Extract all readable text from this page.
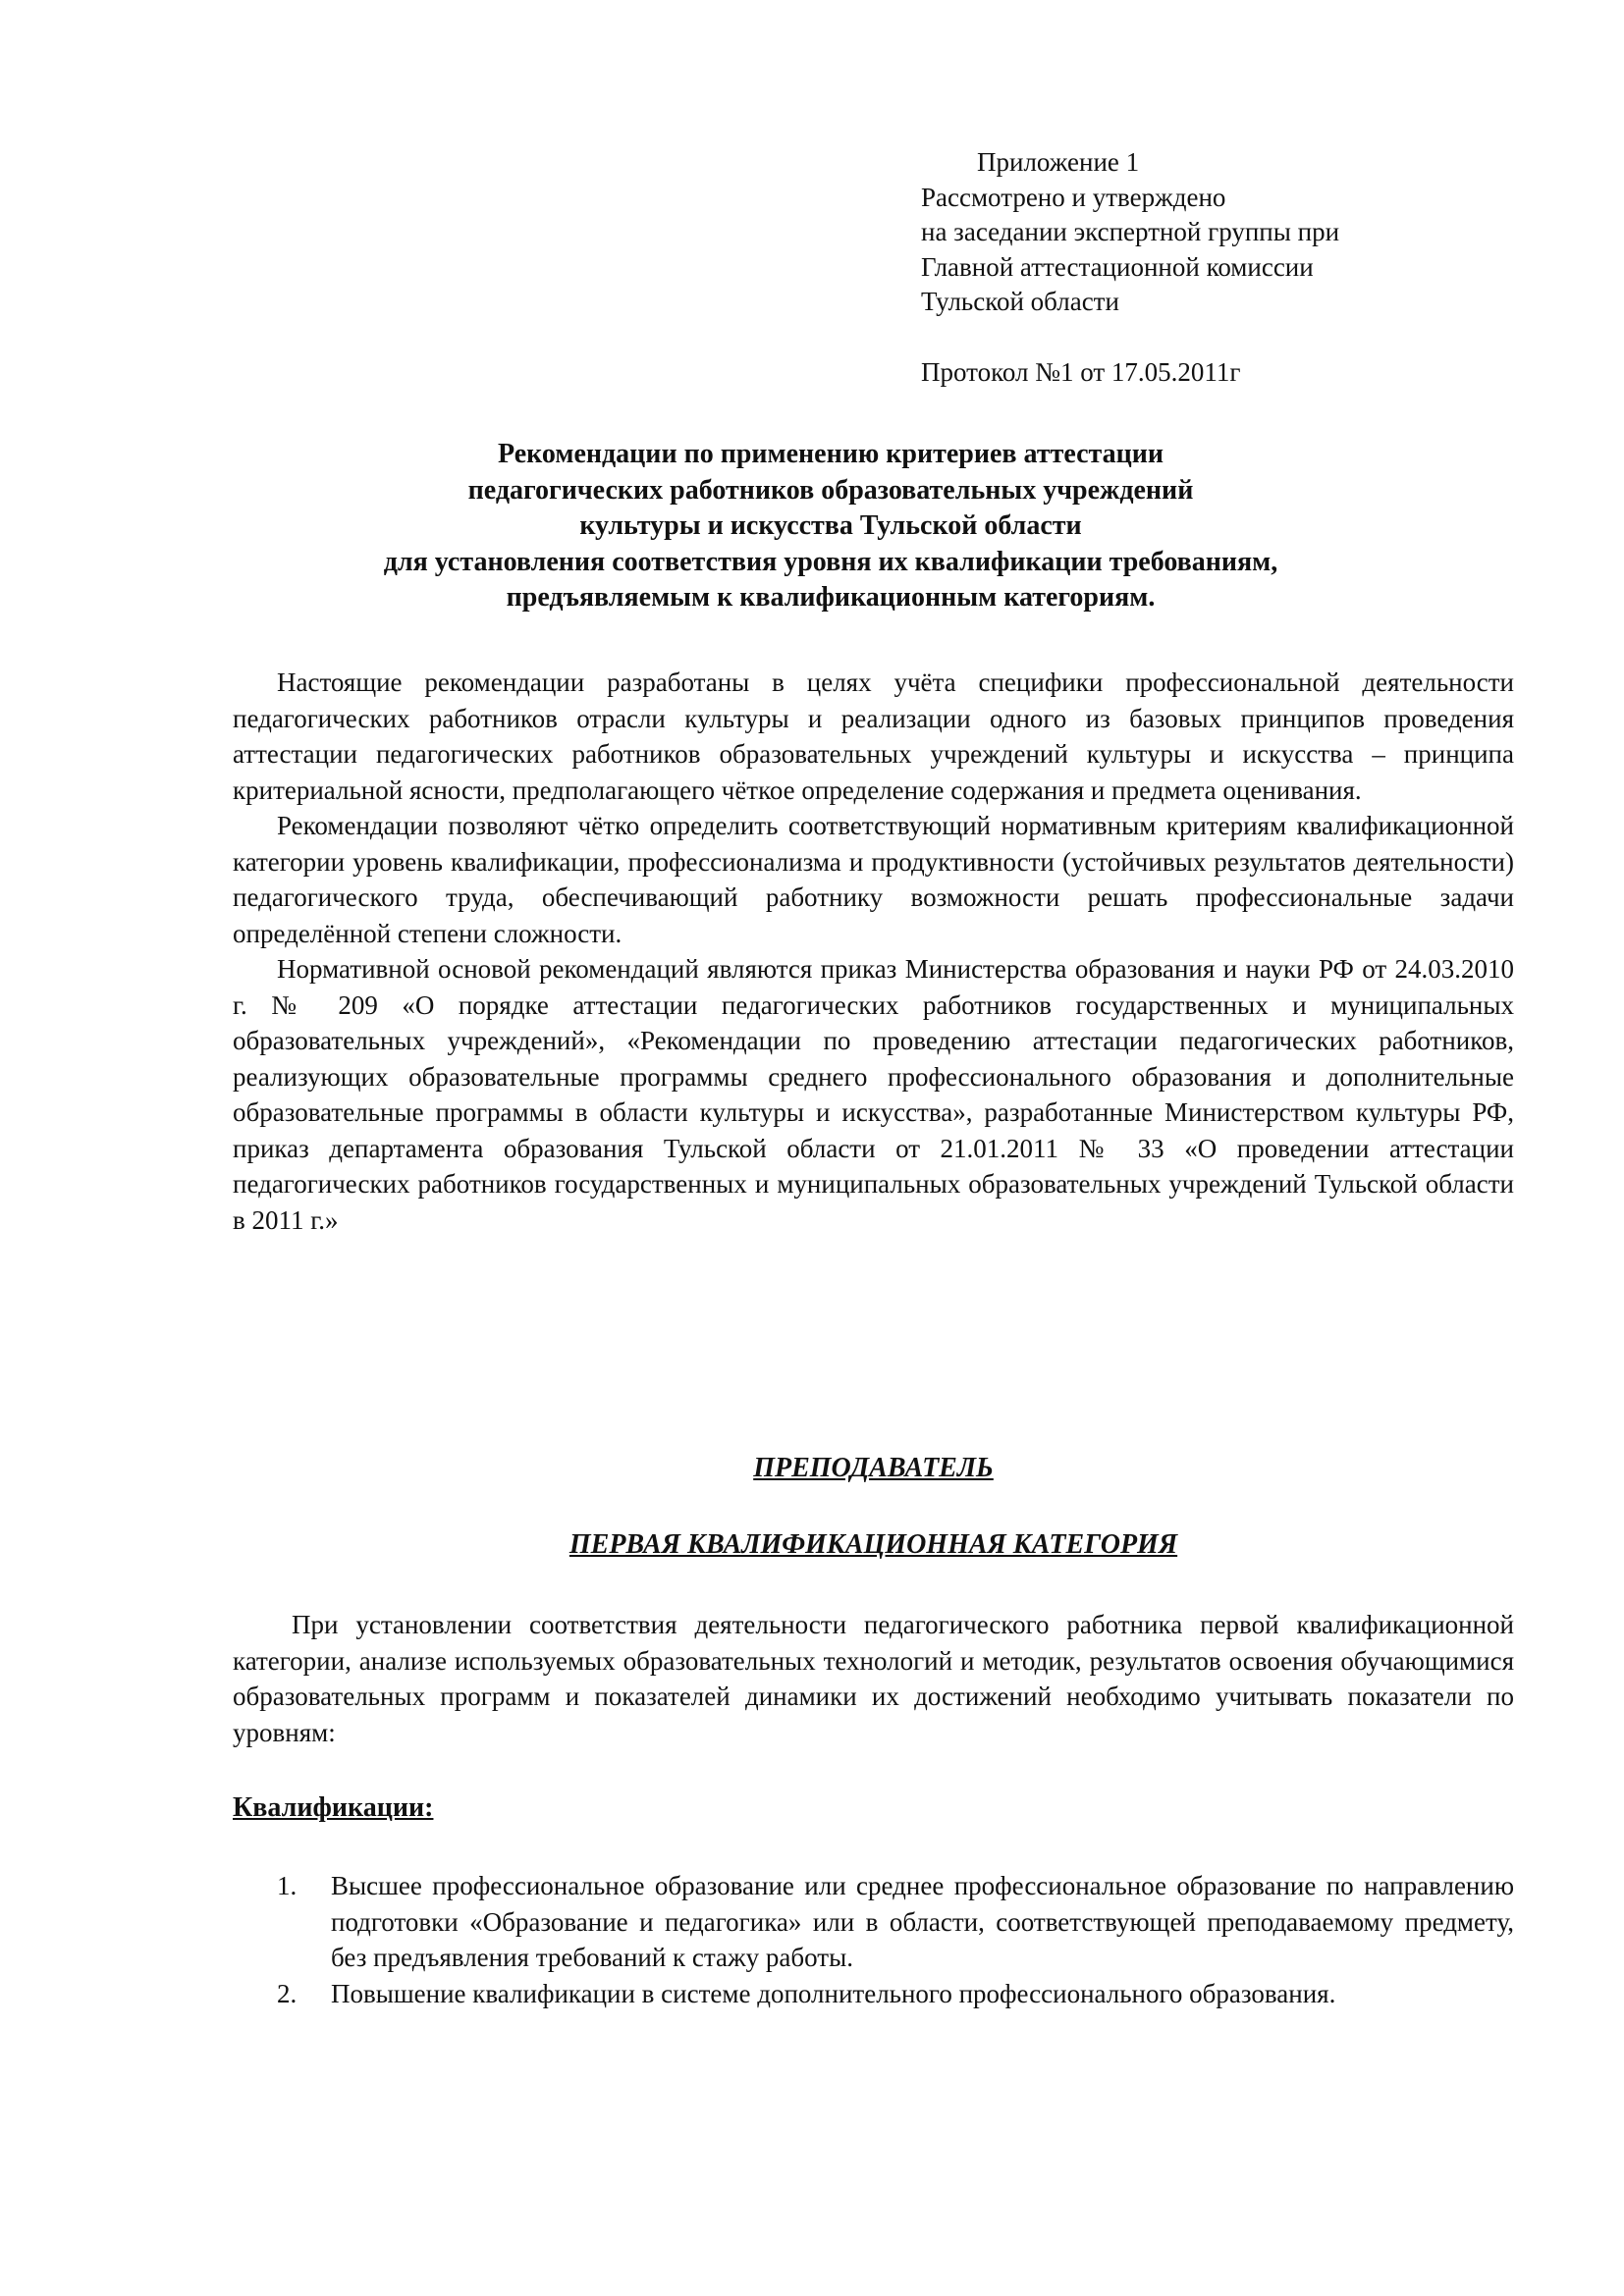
Приложение 1
Рассмотрено и утверждено
на заседании экспертной группы при
Главной аттестационной комиссии
Тульской области
Протокол №1 от 17.05.2011г
Рекомендации по применению критериев аттестации
педагогических работников образовательных учреждений
культуры и искусства Тульской области
для установления соответствия уровня их квалификации требованиям,
предъявляемым к квалификационным категориям.

Настоящие рекомендации разработаны в целях учёта специфики профессиональной деятельности педагогических работников отрасли культуры и реализации одного из базовых принципов проведения аттестации педагогических работников образовательных учреждений культуры и искусства – принципа критериальной ясности, предполагающего чёткое определение содержания и предмета оценивания.

Рекомендации позволяют чётко определить соответствующий нормативным критериям квалификационной категории уровень квалификации, профессионализма и продуктивности (устойчивых результатов деятельности) педагогического труда, обеспечивающий работнику возможности решать профессиональные задачи определённой степени сложности.

Нормативной основой рекомендаций являются приказ Министерства образования и науки РФ от 24.03.2010 г. № 209 «О порядке аттестации педагогических работников государственных и муниципальных образовательных учреждений», «Рекомендации по проведению аттестации педагогических работников, реализующих образовательные программы среднего профессионального образования и дополнительные образовательные программы в области культуры и искусства», разработанные Министерством культуры РФ, приказ департамента образования Тульской области от 21.01.2011 № 33 «О проведении аттестации педагогических работников государственных и муниципальных образовательных учреждений Тульской области в 2011 г.»

ПРЕПОДАВАТЕЛЬ
ПЕРВАЯ КВАЛИФИКАЦИОННАЯ КАТЕГОРИЯ

При установлении соответствия деятельности педагогического работника первой квалификационной категории, анализе используемых образовательных технологий и методик, результатов освоения обучающимися образовательных программ и показателей динамики их достижений необходимо учитывать показатели по уровням:

Квалификации:
1.	Высшее профессиональное образование или среднее профессиональное образование по направлению подготовки «Образование и педагогика» или в области, соответствующей преподаваемому предмету, без предъявления требований к стажу работы.
2.	Повышение квалификации в системе дополнительного профессионального образования.
